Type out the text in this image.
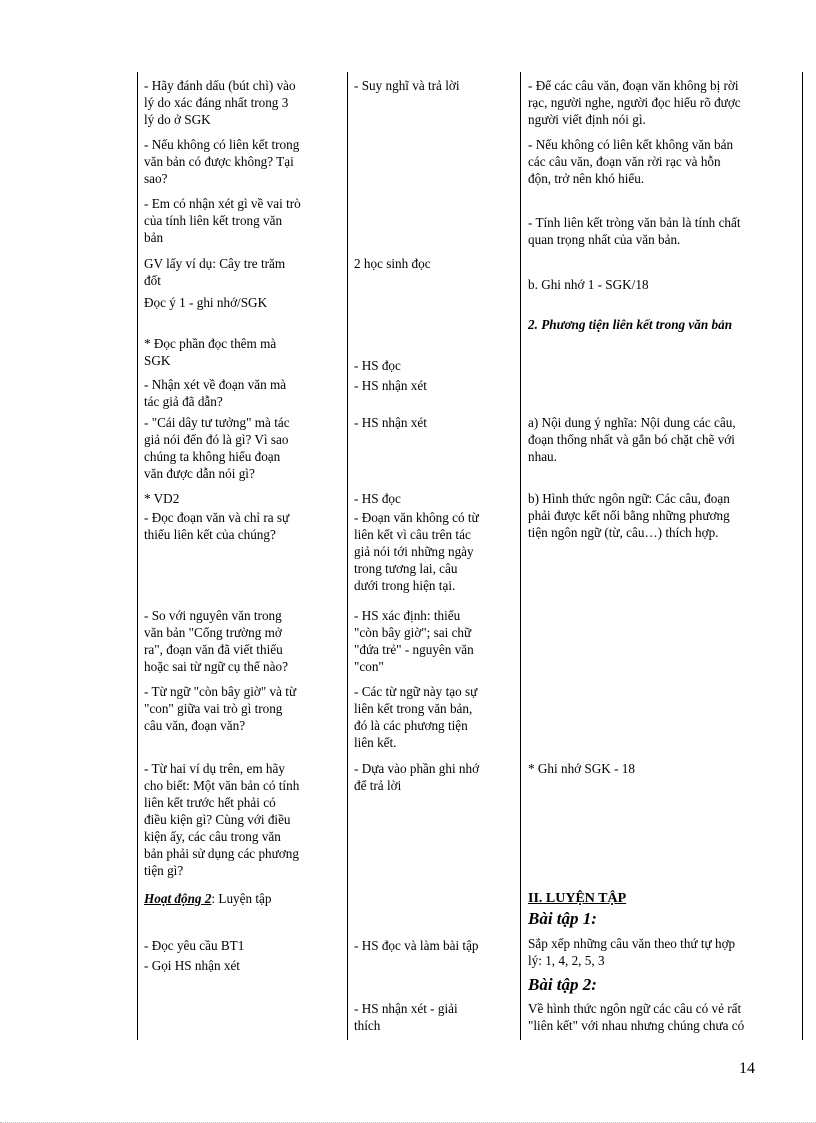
- Hãy đánh dấu (bút chì) vào
lý do xác đáng nhất trong 3
lý do ở SGK
- Nếu không có liên kết trong
văn bản có được không? Tại
sao?
- Em có nhận xét gì về vai trò
của tính liên kết trong văn
bản
GV lấy ví dụ: Cây tre trăm
đốt
Đọc ý 1 - ghi nhớ/SGK
* Đọc phần đọc thêm mà
SGK
- Nhận xét về đoạn văn mà
tác giả đã dẫn?
- "Cái dây tư tưởng" mà tác
giả nói đến đó là gì? Vì sao
chúng ta không hiểu đoạn
văn được dẫn nói gì?
* VD2
- Đọc đoạn văn và chỉ ra sự
thiếu liên kết của chúng?
- So với nguyên văn trong
văn bản "Cổng trường mở
ra", đoạn văn đã viết thiếu
hoặc sai từ ngữ cụ thể nào?
- Từ ngữ "còn bây giờ" và từ
"con" giữa vai trò gì trong
câu văn, đoạn văn?
- Từ hai ví dụ trên, em hãy
cho biết: Một văn bản có tính
liên kết trước hết phải có
điều kiện gì? Cùng với điều
kiện ấy, các câu trong văn
bản phải sử dụng các phương
tiện gì?
Hoạt động 2: Luyện tập
- Đọc yêu cầu BT1
- Gọi HS nhận xét
- Suy nghĩ và trả lời
2 học sinh đọc
- HS đọc
- HS nhận xét
- HS nhận xét
- HS đọc
- Đoạn văn không có từ
liên kết vì câu trên tác
giả nói tới những ngày
trong tương lai, câu
dưới trong hiện tại.
- HS xác định: thiếu
"còn bây giờ"; sai chữ
"đứa trẻ" - nguyên văn
"con"
- Các từ ngữ này tạo sự
liên kết trong văn bản,
đó là các phương tiện
liên kết.
- Dựa vào phần ghi nhớ
để trả lời
- HS đọc và làm bài tập
- HS nhận xét - giải
thích
- Để các câu văn, đoạn văn không bị rời
rạc, người nghe, người đọc hiểu rõ được
người viết định nói gì.
- Nếu không có liên kết không văn bản
các câu văn, đoạn văn rời rạc và hỗn
độn, trở nên khó hiểu.
- Tính liên kết tròng văn bản là tính chất
quan trọng nhất của văn bản.
b. Ghi nhớ 1 - SGK/18
2. Phương tiện liên kết trong văn bản
a) Nội dung ý nghĩa: Nội dung các câu,
đoạn thống nhất và gắn bó chặt chẽ với
nhau.
b) Hình thức ngôn ngữ: Các câu, đoạn
phải được kết nối bằng những phương
tiện ngôn ngữ (từ, câu…) thích hợp.
* Ghi nhớ SGK - 18
II. LUYỆN TẬP
Bài tập 1:
Sắp xếp những câu văn theo thứ tự hợp
lý: 1, 4, 2, 5, 3
Bài tập 2:
Về hình thức ngôn ngữ các câu có vẻ rất
"liên kết" với nhau nhưng chúng chưa có
14
